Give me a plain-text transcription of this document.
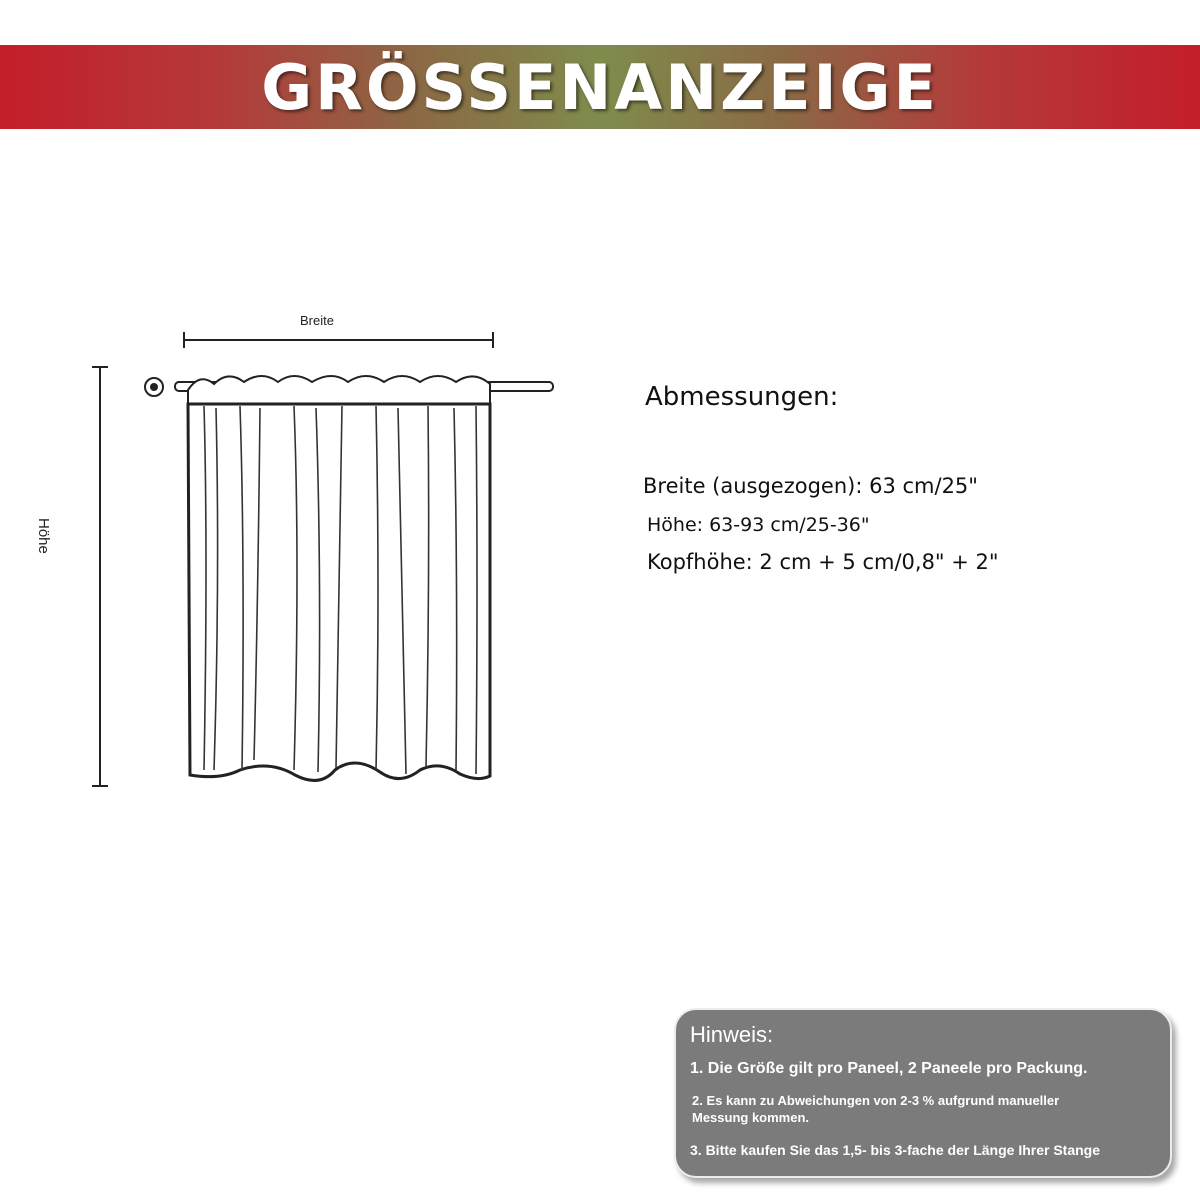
GRÖSSENANZEIGE
Breite
Höhe

Abmessungen:

Breite (ausgezogen): 63 cm/25"

Höhe: 63-93 cm/25-36"

Kopfhöhe: 2 cm + 5 cm/0,8" + 2"

Hinweis:

1. Die Größe gilt pro Paneel, 2 Paneele pro Packung.

2. Es kann zu Abweichungen von 2-3 % aufgrund manueller Messung kommen.

3. Bitte kaufen Sie das 1,5- bis 3-fache der Länge Ihrer Stange
